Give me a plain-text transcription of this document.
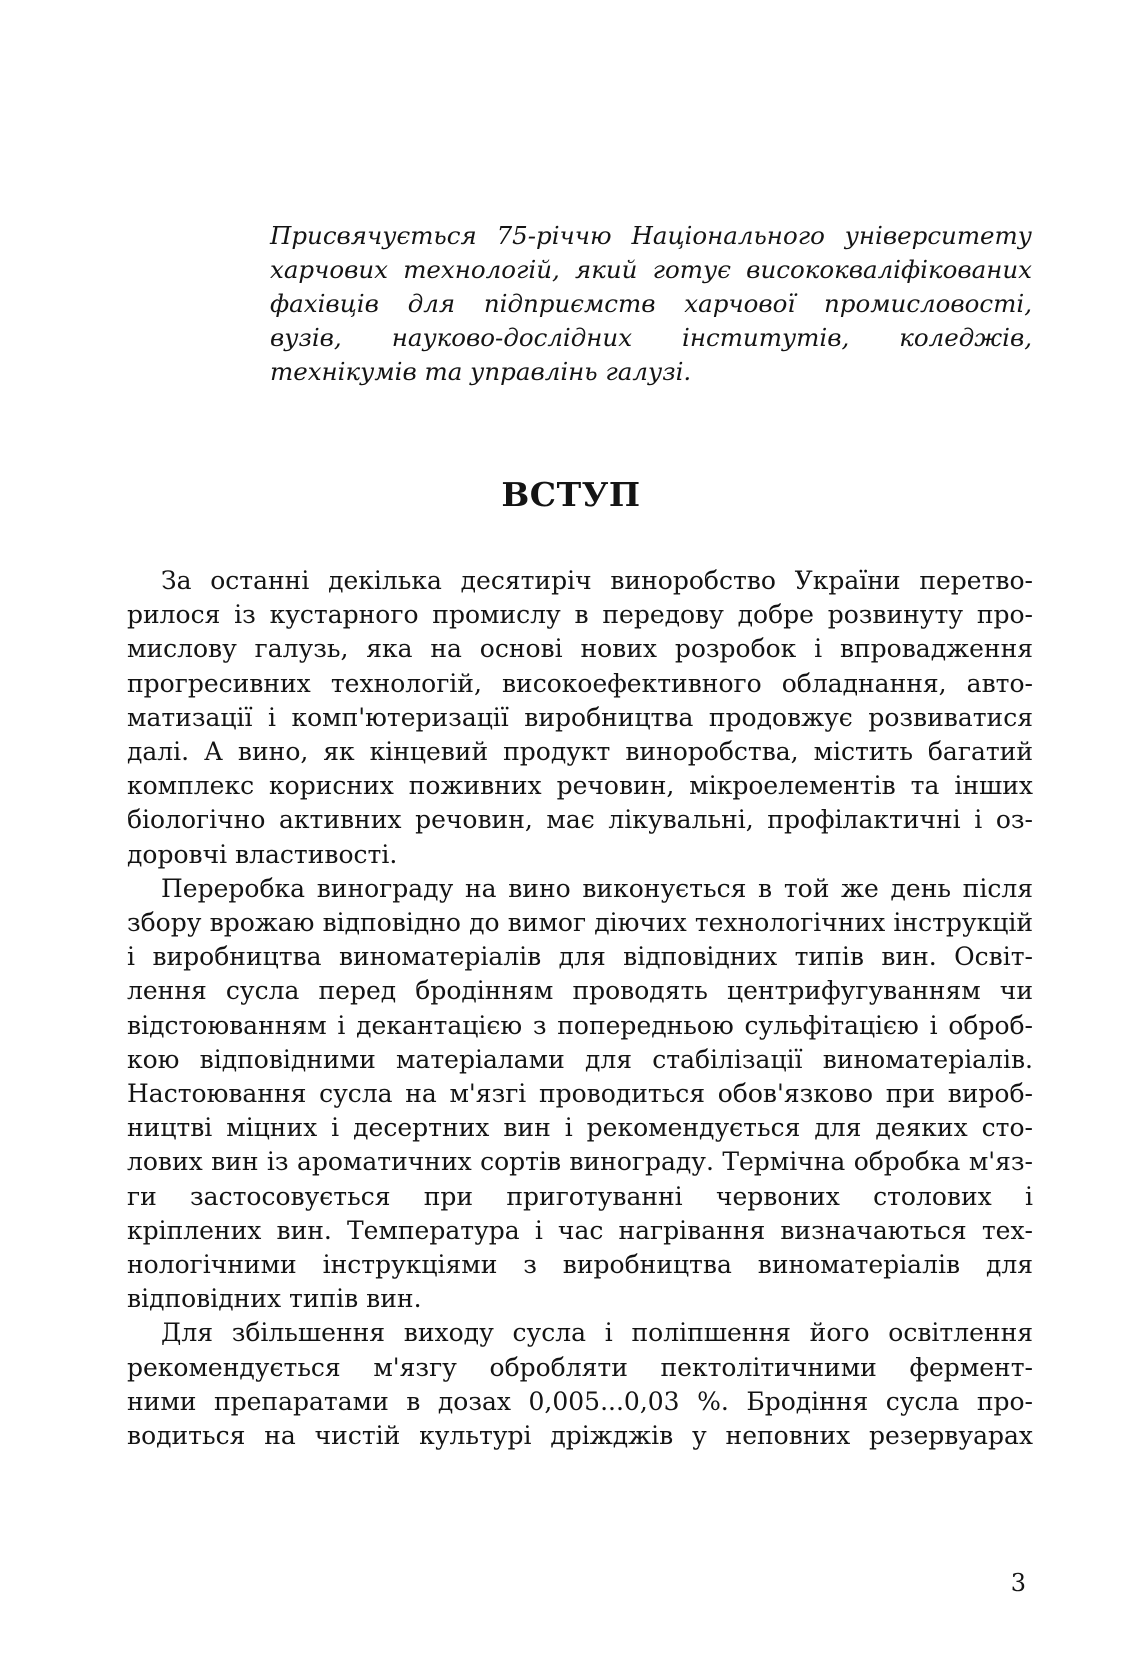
Присвячується 75-річчю Національного університету
харчових технологій, який готує висококваліфікованих
фахівців для підприємств харчової промисловості,
вузів, науково-дослідних інститутів, коледжів,
технікумів та управлінь галузі.
ВСТУП
За останні декілька десятиріч виноробство України перетво-
рилося із кустарного промислу в передову добре розвинуту про-
мислову галузь, яка на основі нових розробок і впровадження
прогресивних технологій, високоефективного обладнання, авто-
матизації і комп'ютеризації виробництва продовжує розвиватися
далі. А вино, як кінцевий продукт виноробства, містить багатий
комплекс корисних поживних речовин, мікроелементів та інших
біологічно активних речовин, має лікувальні, профілактичні і оз-
доровчі властивості.
Переробка винограду на вино виконується в той же день після
збору врожаю відповідно до вимог діючих технологічних інструкцій
і виробництва виноматеріалів для відповідних типів вин. Освіт-
лення сусла перед бродінням проводять центрифугуванням чи
відстоюванням і декантацією з попередньою сульфітацією і оброб-
кою відповідними матеріалами для стабілізації виноматеріалів.
Настоювання сусла на м'язгі проводиться обов'язково при вироб-
ництві міцних і десертних вин і рекомендується для деяких сто-
лових вин із ароматичних сортів винограду. Термічна обробка м'яз-
ги застосовується при приготуванні червоних столових і
кріплених вин. Температура і час нагрівання визначаються тех-
нологічними інструкціями з виробництва виноматеріалів для
відповідних типів вин.
Для збільшення виходу сусла і поліпшення його освітлення
рекомендується м'язгу обробляти пектолітичними фермент-
ними препаратами в дозах 0,005...0,03 %. Бродіння сусла про-
водиться на чистій культурі дріжджів у неповних резервуарах
3
